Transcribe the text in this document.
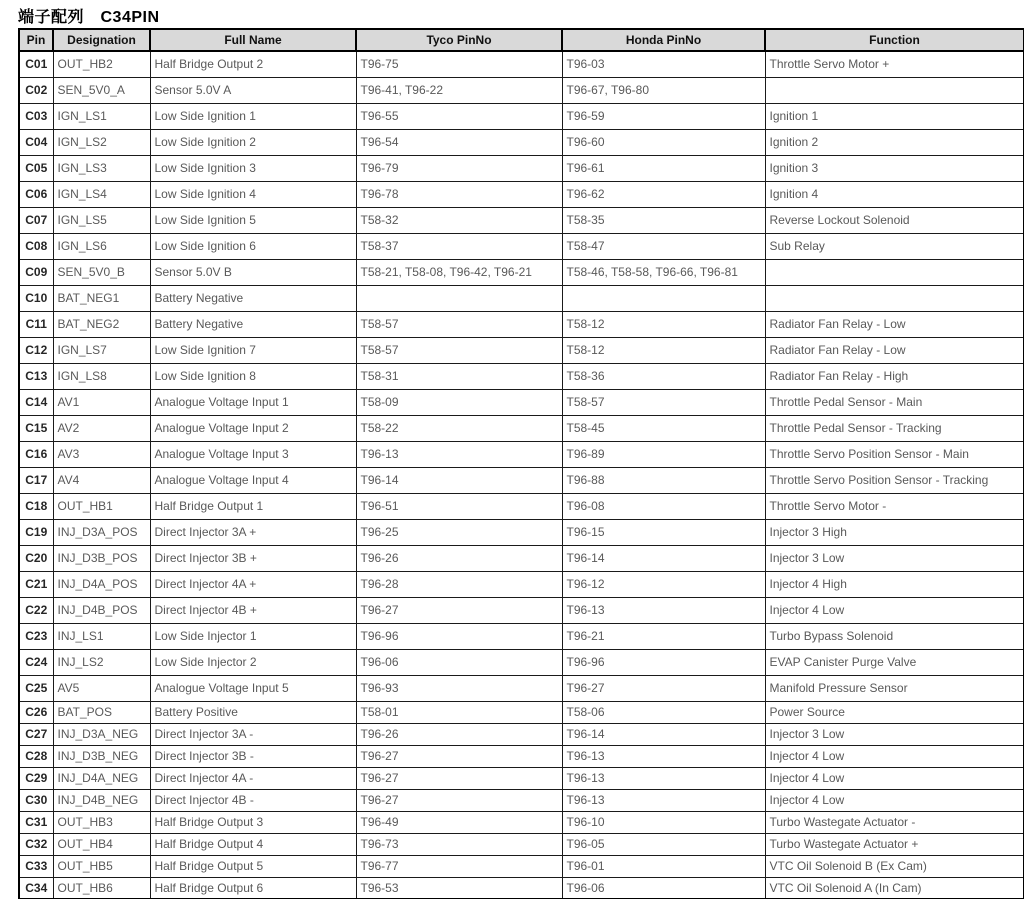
端子配列　C34PIN
Pin	Designation	Full Name	Tyco PinNo	Honda PinNo	Function
C01	OUT_HB2	Half Bridge Output 2	T96-75	T96-03	Throttle Servo Motor +
C02	SEN_5V0_A	Sensor 5.0V A	T96-41, T96-22	T96-67, T96-80	
C03	IGN_LS1	Low Side Ignition 1	T96-55	T96-59	Ignition 1
C04	IGN_LS2	Low Side Ignition 2	T96-54	T96-60	Ignition 2
C05	IGN_LS3	Low Side Ignition 3	T96-79	T96-61	Ignition 3
C06	IGN_LS4	Low Side Ignition 4	T96-78	T96-62	Ignition 4
C07	IGN_LS5	Low Side Ignition 5	T58-32	T58-35	Reverse Lockout Solenoid
C08	IGN_LS6	Low Side Ignition 6	T58-37	T58-47	Sub Relay
C09	SEN_5V0_B	Sensor 5.0V B	T58-21, T58-08, T96-42, T96-21	T58-46, T58-58, T96-66, T96-81	
C10	BAT_NEG1	Battery Negative			
C11	BAT_NEG2	Battery Negative	T58-57	T58-12	Radiator Fan Relay - Low
C12	IGN_LS7	Low Side Ignition 7	T58-57	T58-12	Radiator Fan Relay - Low
C13	IGN_LS8	Low Side Ignition 8	T58-31	T58-36	Radiator Fan Relay - High
C14	AV1	Analogue Voltage Input 1	T58-09	T58-57	Throttle Pedal Sensor - Main
C15	AV2	Analogue Voltage Input 2	T58-22	T58-45	Throttle Pedal Sensor - Tracking
C16	AV3	Analogue Voltage Input 3	T96-13	T96-89	Throttle Servo Position Sensor - Main
C17	AV4	Analogue Voltage Input 4	T96-14	T96-88	Throttle Servo Position Sensor - Tracking
C18	OUT_HB1	Half Bridge Output 1	T96-51	T96-08	Throttle Servo Motor -
C19	INJ_D3A_POS	Direct Injector 3A +	T96-25	T96-15	Injector 3 High
C20	INJ_D3B_POS	Direct Injector 3B +	T96-26	T96-14	Injector 3 Low
C21	INJ_D4A_POS	Direct Injector 4A +	T96-28	T96-12	Injector 4 High
C22	INJ_D4B_POS	Direct Injector 4B +	T96-27	T96-13	Injector 4 Low
C23	INJ_LS1	Low Side Injector 1	T96-96	T96-21	Turbo Bypass Solenoid
C24	INJ_LS2	Low Side Injector 2	T96-06	T96-96	EVAP Canister Purge Valve
C25	AV5	Analogue Voltage Input 5	T96-93	T96-27	Manifold Pressure Sensor
C26	BAT_POS	Battery Positive	T58-01	T58-06	Power Source
C27	INJ_D3A_NEG	Direct Injector 3A -	T96-26	T96-14	Injector 3 Low
C28	INJ_D3B_NEG	Direct Injector 3B -	T96-27	T96-13	Injector 4 Low
C29	INJ_D4A_NEG	Direct Injector 4A -	T96-27	T96-13	Injector 4 Low
C30	INJ_D4B_NEG	Direct Injector 4B -	T96-27	T96-13	Injector 4 Low
C31	OUT_HB3	Half Bridge Output 3	T96-49	T96-10	Turbo Wastegate Actuator -
C32	OUT_HB4	Half Bridge Output 4	T96-73	T96-05	Turbo Wastegate Actuator +
C33	OUT_HB5	Half Bridge Output 5	T96-77	T96-01	VTC Oil Solenoid B (Ex Cam)
C34	OUT_HB6	Half Bridge Output 6	T96-53	T96-06	VTC Oil Solenoid A (In Cam)
